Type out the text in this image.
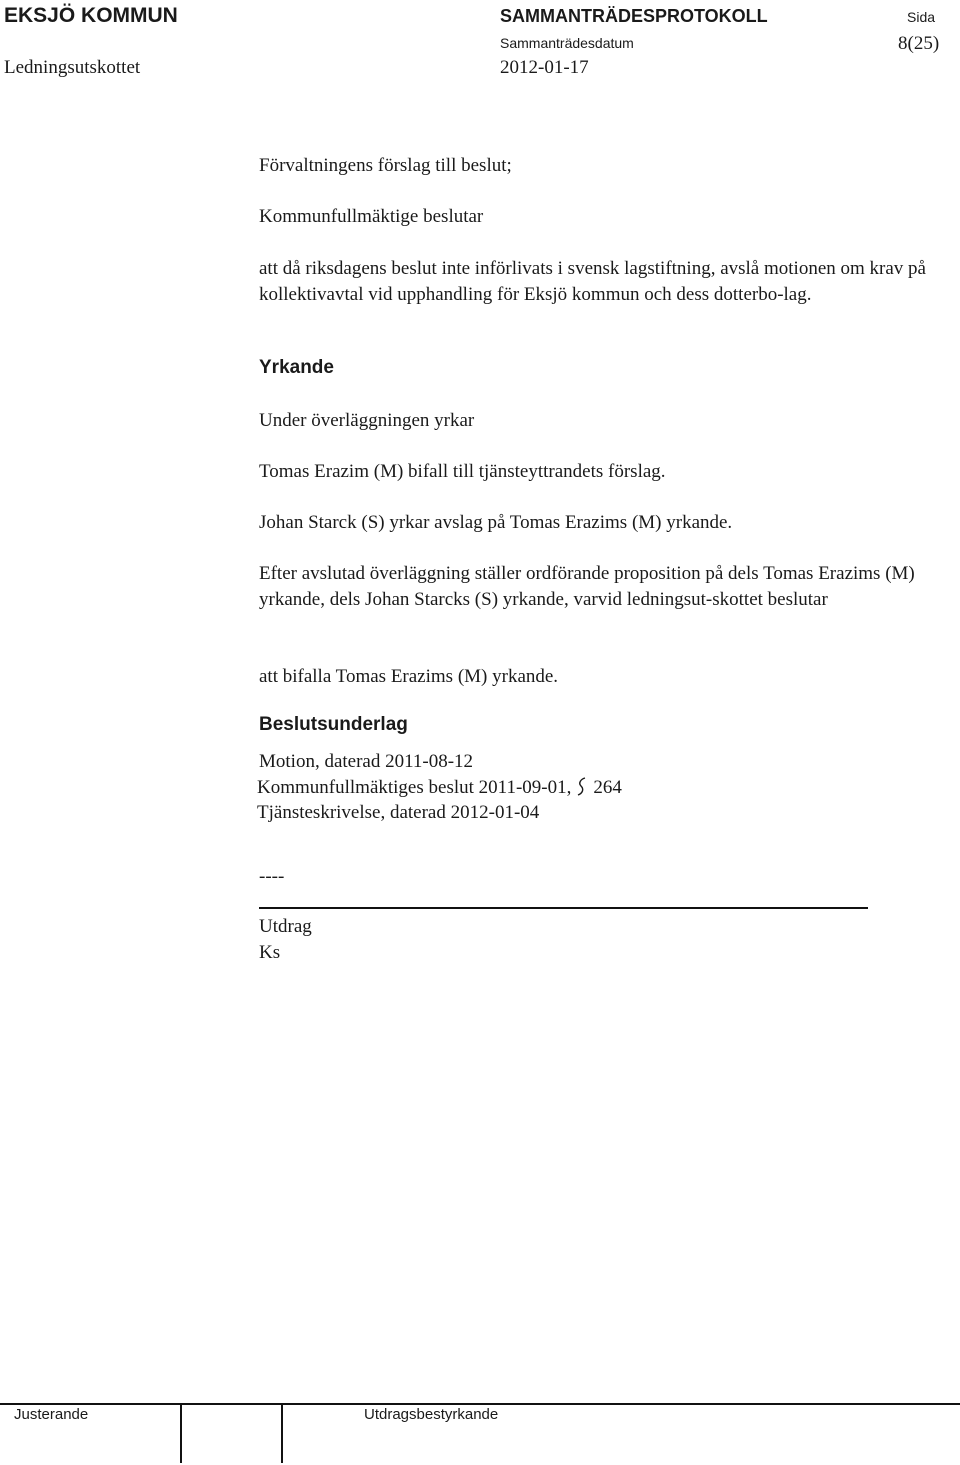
EKSJÖ KOMMUN	SAMMANTRÄDESPROTOKOLL	Sida
Sammanträdesdatum	8(25)
Ledningsutskottet	2012-01-17
Förvaltningens förslag till beslut;
Kommunfullmäktige beslutar
att då riksdagens beslut inte införlivats i svensk lagstiftning, avslå motionen om krav på kollektivavtal vid upphandling för Eksjö kommun och dess dotterbo-lag.
Yrkande
Under överläggningen yrkar
Tomas Erazim (M) bifall till tjänsteyttrandets förslag.
Johan Starck (S) yrkar avslag på Tomas Erazims (M) yrkande.
Efter avslutad överläggning ställer ordförande proposition på dels Tomas Erazims (M) yrkande, dels Johan Starcks (S) yrkande, varvid ledningsut-skottet beslutar
att bifalla Tomas Erazims (M) yrkande.
Beslutsunderlag
Motion, daterad 2011-08-12
Kommunfullmäktiges beslut 2011-09-01, 264
Tjänsteskrivelse, daterad 2012-01-04
----
Utdrag
Ks
Justerande	Utdragsbestyrkande
